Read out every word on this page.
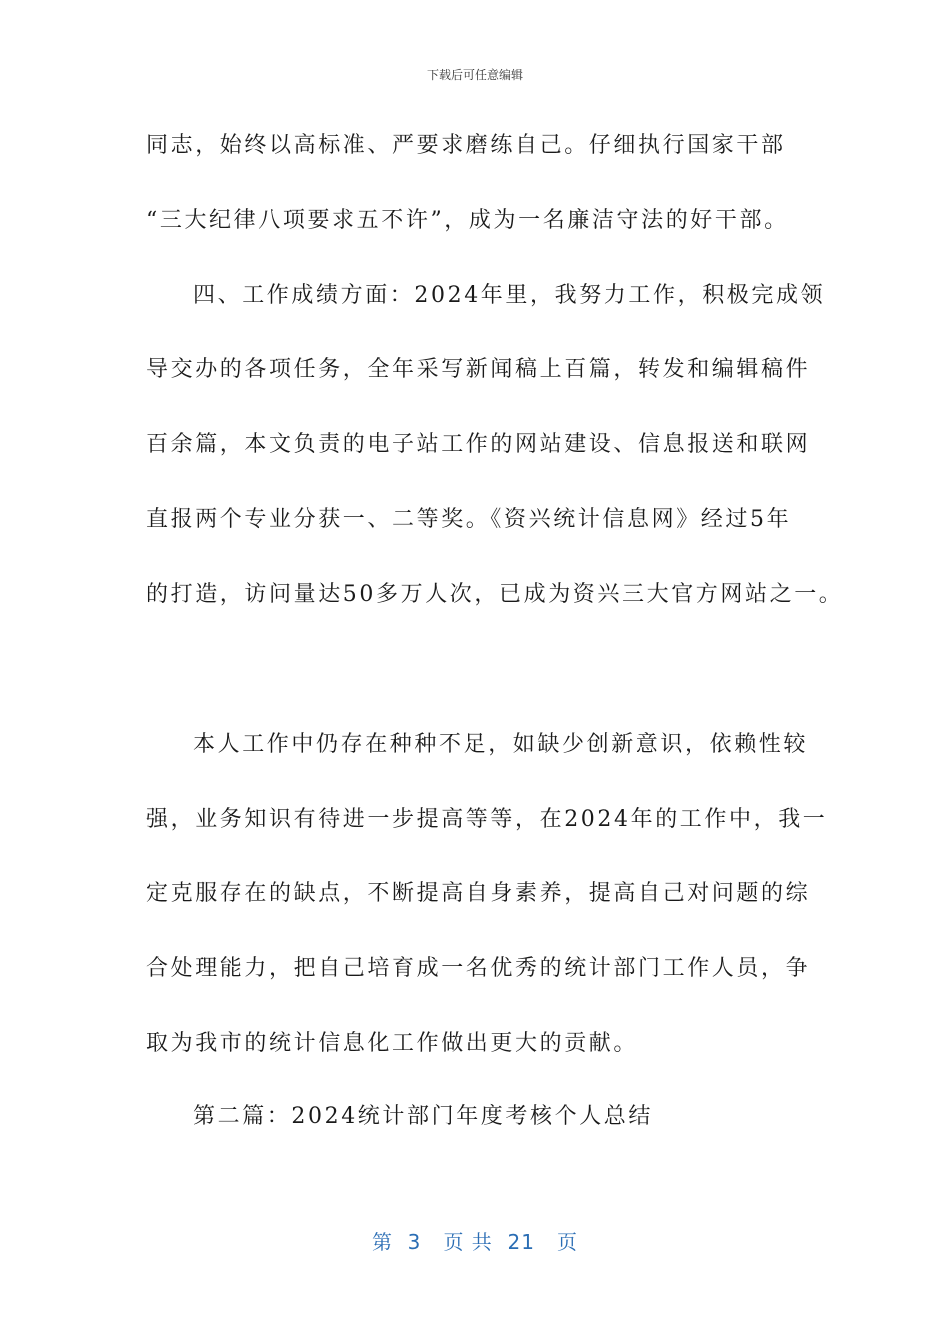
下载后可任意编辑
同志，始终以高标准、严要求磨练自己。仔细执行国家干部
“三大纪律八项要求五不许”，成为一名廉洁守法的好干部。
四、工作成绩方面：2024年里，我努力工作，积极完成领
导交办的各项任务，全年采写新闻稿上百篇，转发和编辑稿件
百余篇，本文负责的电子站工作的网站建设、信息报送和联网
直报两个专业分获一、二等奖。《资兴统计信息网》经过5年
的打造，访问量达50多万人次，已成为资兴三大官方网站之一。
本人工作中仍存在种种不足，如缺少创新意识，依赖性较
强，业务知识有待进一步提高等等，在2024年的工作中，我一
定克服存在的缺点，不断提高自身素养，提高自己对问题的综
合处理能力，把自己培育成一名优秀的统计部门工作人员，争
取为我市的统计信息化工作做出更大的贡献。
第二篇：2024统计部门年度考核个人总结
第  3   页 共  21   页
